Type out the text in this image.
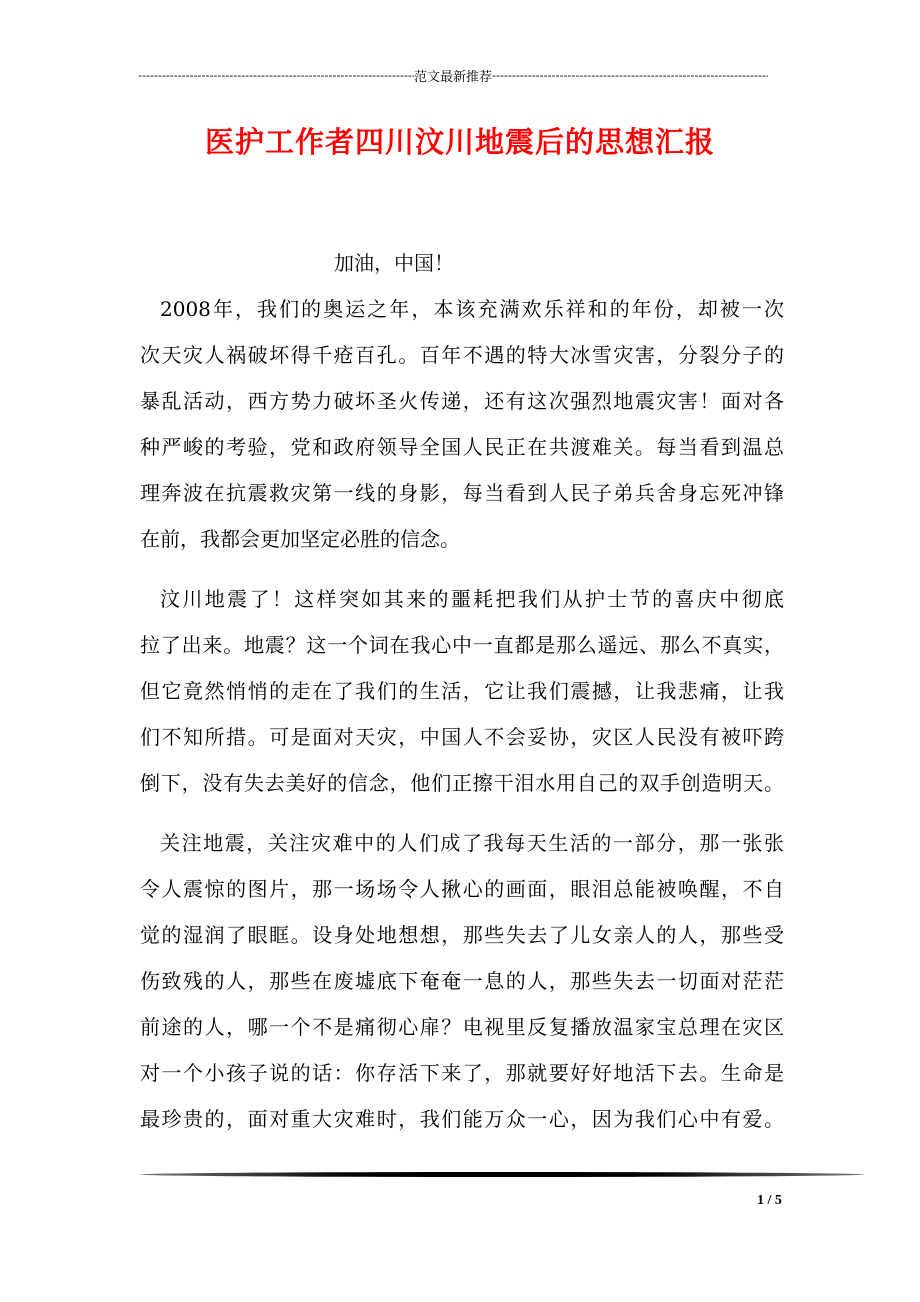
-----
范文最新推荐
-----
医护工作者四川汶川地震后的思想汇报
加油，中国！
2008年，我们的奥运之年，本该充满欢乐祥和的年份，却被一次
次天灾人祸破坏得千疮百孔。百年不遇的特大冰雪灾害，分裂分子的
暴乱活动，西方势力破坏圣火传递，还有这次强烈地震灾害！面对各
种严峻的考验，党和政府领导全国人民正在共渡难关。每当看到温总
理奔波在抗震救灾第一线的身影，每当看到人民子弟兵舍身忘死冲锋
在前，我都会更加坚定必胜的信念。
汶川地震了！这样突如其来的噩耗把我们从护士节的喜庆中彻底
拉了出来。地震？这一个词在我心中一直都是那么遥远、那么不真实，
但它竟然悄悄的走在了我们的生活，它让我们震撼，让我悲痛，让我
们不知所措。可是面对天灾，中国人不会妥协，灾区人民没有被吓跨
倒下，没有失去美好的信念，他们正擦干泪水用自己的双手创造明天。
关注地震，关注灾难中的人们成了我每天生活的一部分，那一张张
令人震惊的图片，那一场场令人揪心的画面，眼泪总能被唤醒，不自
觉的湿润了眼眶。设身处地想想，那些失去了儿女亲人的人，那些受
伤致残的人，那些在废墟底下奄奄一息的人，那些失去一切面对茫茫
前途的人，哪一个不是痛彻心扉？电视里反复播放温家宝总理在灾区
对一个小孩子说的话：你存活下来了，那就要好好地活下去。生命是
最珍贵的，面对重大灾难时，我们能万众一心，因为我们心中有爱。
1 / 5
